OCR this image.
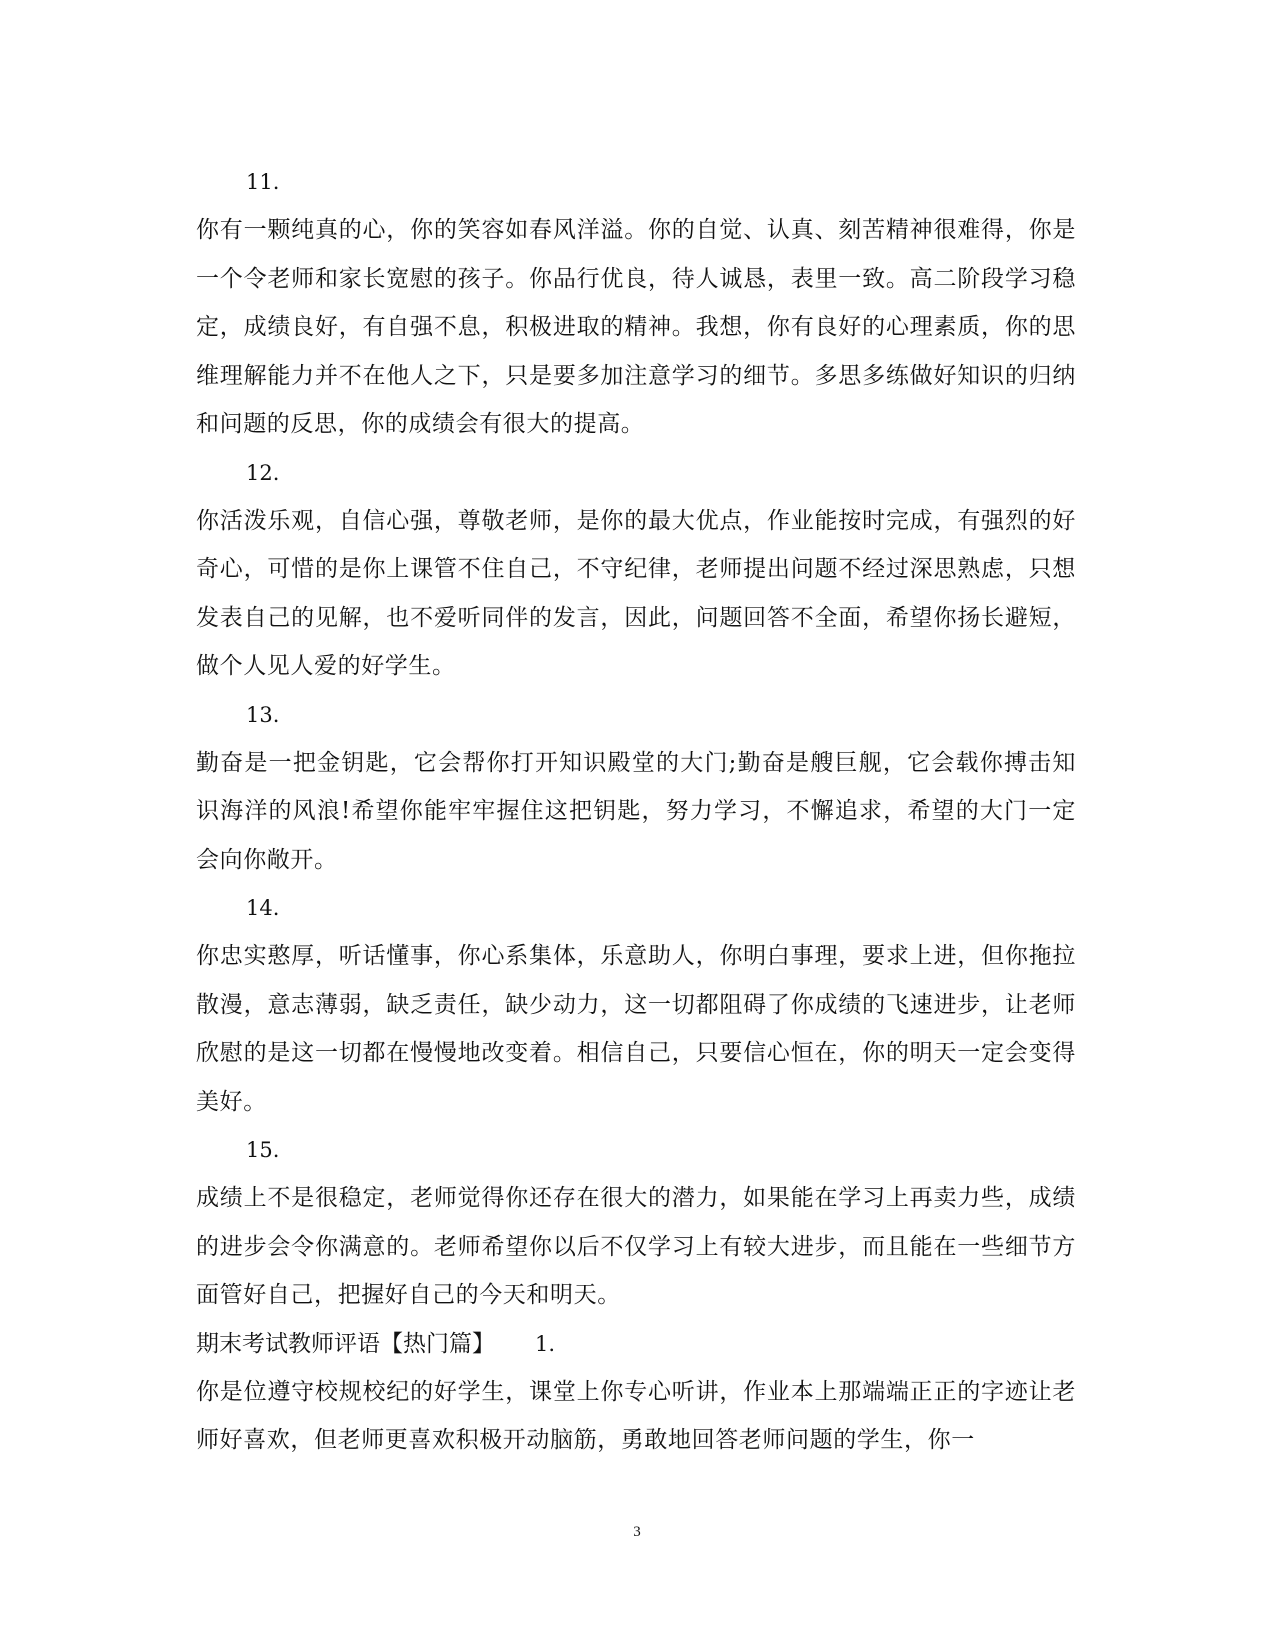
11.

你有一颗纯真的心，你的笑容如春风洋溢。你的自觉、认真、刻苦精神很难得，你是一个令老师和家长宽慰的孩子。你品行优良，待人诚恳，表里一致。高二阶段学习稳定，成绩良好，有自强不息，积极进取的精神。我想，你有良好的心理素质，你的思维理解能力并不在他人之下，只是要多加注意学习的细节。多思多练做好知识的归纳和问题的反思，你的成绩会有很大的提高。

12.

你活泼乐观，自信心强，尊敬老师，是你的最大优点，作业能按时完成，有强烈的好奇心，可惜的是你上课管不住自己，不守纪律，老师提出问题不经过深思熟虑，只想发表自己的见解，也不爱听同伴的发言，因此，问题回答不全面，希望你扬长避短，做个人见人爱的好学生。

13.

勤奋是一把金钥匙，它会帮你打开知识殿堂的大门;勤奋是艘巨舰，它会载你搏击知识海洋的风浪!希望你能牢牢握住这把钥匙，努力学习，不懈追求，希望的大门一定会向你敞开。

14.

你忠实憨厚，听话懂事，你心系集体，乐意助人，你明白事理，要求上进，但你拖拉散漫，意志薄弱，缺乏责任，缺少动力，这一切都阻碍了你成绩的飞速进步，让老师欣慰的是这一切都在慢慢地改变着。相信自己，只要信心恒在，你的明天一定会变得美好。

15.

成绩上不是很稳定，老师觉得你还存在很大的潜力，如果能在学习上再卖力些，成绩的进步会令你满意的。老师希望你以后不仅学习上有较大进步，而且能在一些细节方面管好自己，把握好自己的今天和明天。

期末考试教师评语【热门篇】 1.

你是位遵守校规校纪的好学生，课堂上你专心听讲，作业本上那端端正正的字迹让老师好喜欢，但老师更喜欢积极开动脑筋，勇敢地回答老师问题的学生，你一

3
